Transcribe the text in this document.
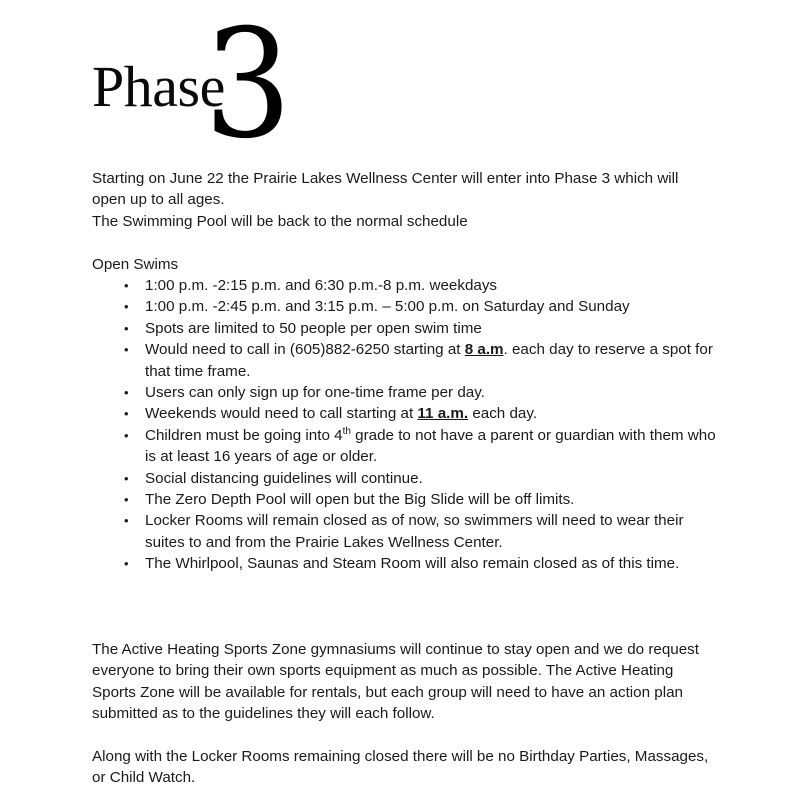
Phase
3

Starting on June 22 the Prairie Lakes Wellness Center will enter into Phase 3 which will open up to all ages.

The Swimming Pool will be back to the normal schedule

Open Swims

• 1:00 p.m. -2:15 p.m. and 6:30 p.m.-8 p.m. weekdays
• 1:00 p.m. -2:45 p.m. and 3:15 p.m. – 5:00 p.m. on Saturday and Sunday
• Spots are limited to 50 people per open swim time
• Would need to call in (605)882-6250 starting at 8 a.m. each day to reserve a spot for that time frame.
• Users can only sign up for one-time frame per day.
• Weekends would need to call starting at 11 a.m. each day.
• Children must be going into 4th grade to not have a parent or guardian with them who is at least 16 years of age or older.
• Social distancing guidelines will continue.
• The Zero Depth Pool will open but the Big Slide will be off limits.
• Locker Rooms will remain closed as of now, so swimmers will need to wear their suites to and from the Prairie Lakes Wellness Center.
• The Whirlpool, Saunas and Steam Room will also remain closed as of this time.

The Active Heating Sports Zone gymnasiums will continue to stay open and we do request everyone to bring their own sports equipment as much as possible. The Active Heating Sports Zone will be available for rentals, but each group will need to have an action plan submitted as to the guidelines they will each follow.

Along with the Locker Rooms remaining closed there will be no Birthday Parties, Massages, or Child Watch.
